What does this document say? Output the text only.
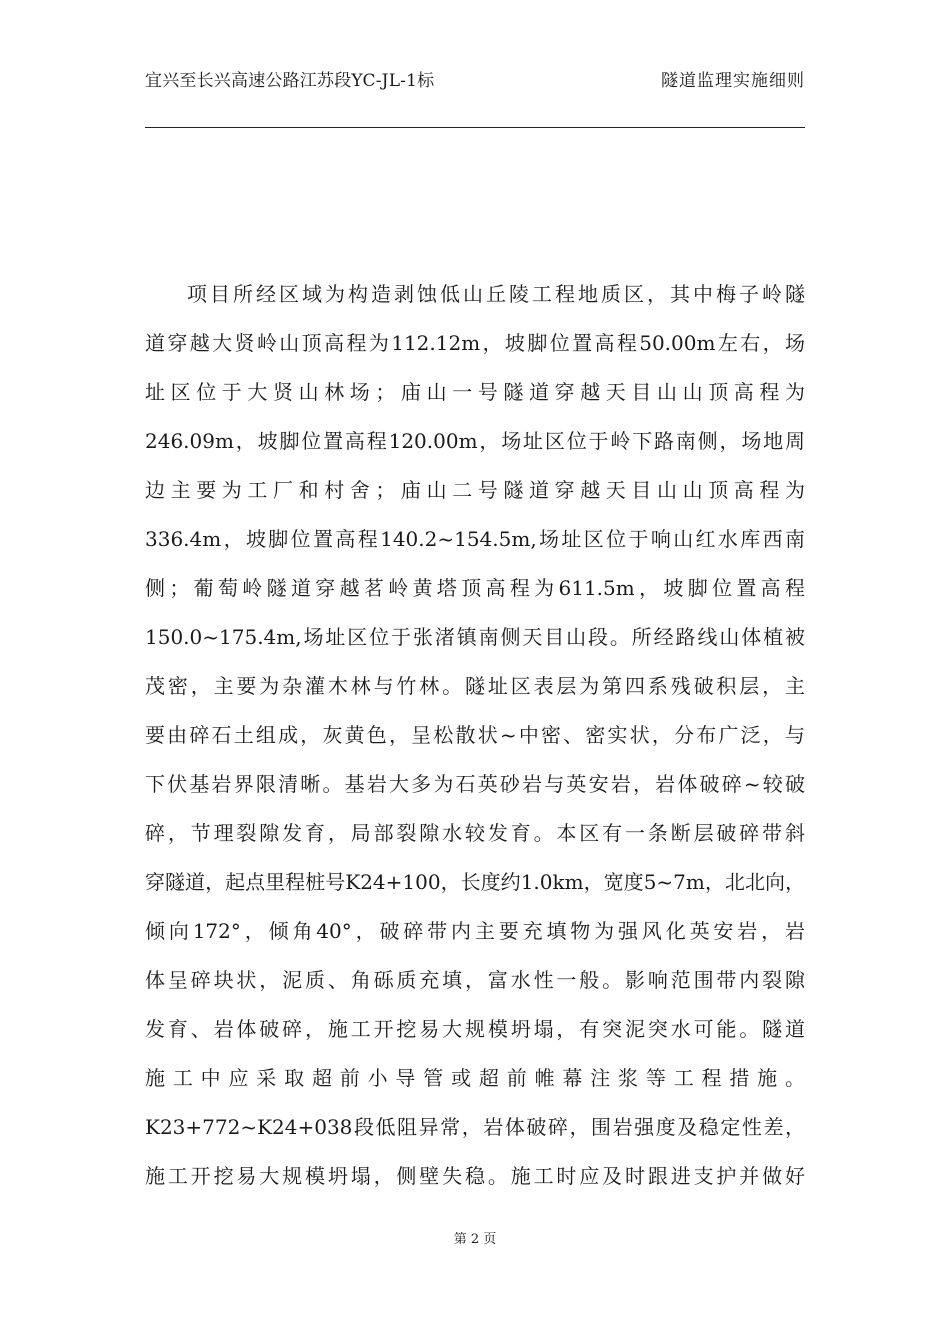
宜兴至长兴高速公路江苏段YC-JL-1标	隧道监理实施细则
项目所经区域为构造剥蚀低山丘陵工程地质区，其中梅子岭隧
道穿越大贤岭山顶高程为112.12m，坡脚位置高程50.00m左右，场
址区位于大贤山林场；庙山一号隧道穿越天目山山顶高程为
246.09m，坡脚位置高程120.00m，场址区位于岭下路南侧，场地周
边主要为工厂和村舍；庙山二号隧道穿越天目山山顶高程为
336.4m，坡脚位置高程140.2~154.5m,场址区位于响山红水库西南
侧；葡萄岭隧道穿越茗岭黄塔顶高程为611.5m，坡脚位置高程
150.0~175.4m,场址区位于张渚镇南侧天目山段。所经路线山体植被
茂密，主要为杂灌木林与竹林。隧址区表层为第四系残破积层，主
要由碎石土组成，灰黄色，呈松散状~中密、密实状，分布广泛，与
下伏基岩界限清晰。基岩大多为石英砂岩与英安岩，岩体破碎~较破
碎，节理裂隙发育，局部裂隙水较发育。本区有一条断层破碎带斜
穿隧道，起点里程桩号K24+100，长度约1.0km，宽度5~7m，北北向，
倾向172°，倾角40°，破碎带内主要充填物为强风化英安岩，岩
体呈碎块状，泥质、角砾质充填，富水性一般。影响范围带内裂隙
发育、岩体破碎，施工开挖易大规模坍塌，有突泥突水可能。隧道
施工中应采取超前小导管或超前帷幕注浆等工程措施。
K23+772~K24+038段低阻异常，岩体破碎，围岩强度及稳定性差，
施工开挖易大规模坍塌，侧壁失稳。施工时应及时跟进支护并做好
第 2 页
